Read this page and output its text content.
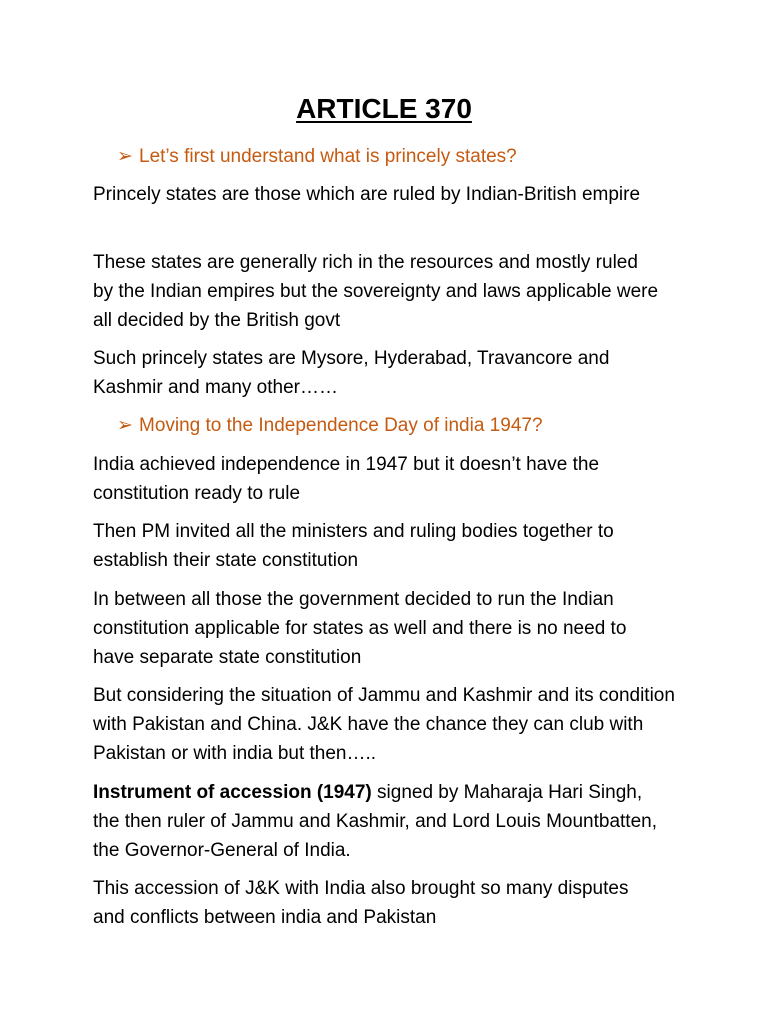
ARTICLE 370
➢ Let’s first understand what is princely states?
Princely states are those which are ruled by Indian-British empire
These states are generally rich in the resources and mostly ruled by the Indian empires but the sovereignty and laws applicable were all decided by the British govt
Such princely states are Mysore, Hyderabad, Travancore and Kashmir and many other……
➢ Moving to the Independence Day of india 1947?
India achieved independence in 1947 but it doesn’t have the constitution ready to rule
Then PM invited all the ministers and ruling bodies together to establish their state constitution
In between all those the government decided to run the Indian constitution applicable for states as well and there is no need to have separate state constitution
But considering the situation of Jammu and Kashmir and its condition with Pakistan and China. J&K have the chance they can club with Pakistan or with india but then…..
Instrument of accession (1947) signed by Maharaja Hari Singh, the then ruler of Jammu and Kashmir, and Lord Louis Mountbatten, the Governor-General of India.
This accession of J&K with India also brought so many disputes and conflicts between india and Pakistan
